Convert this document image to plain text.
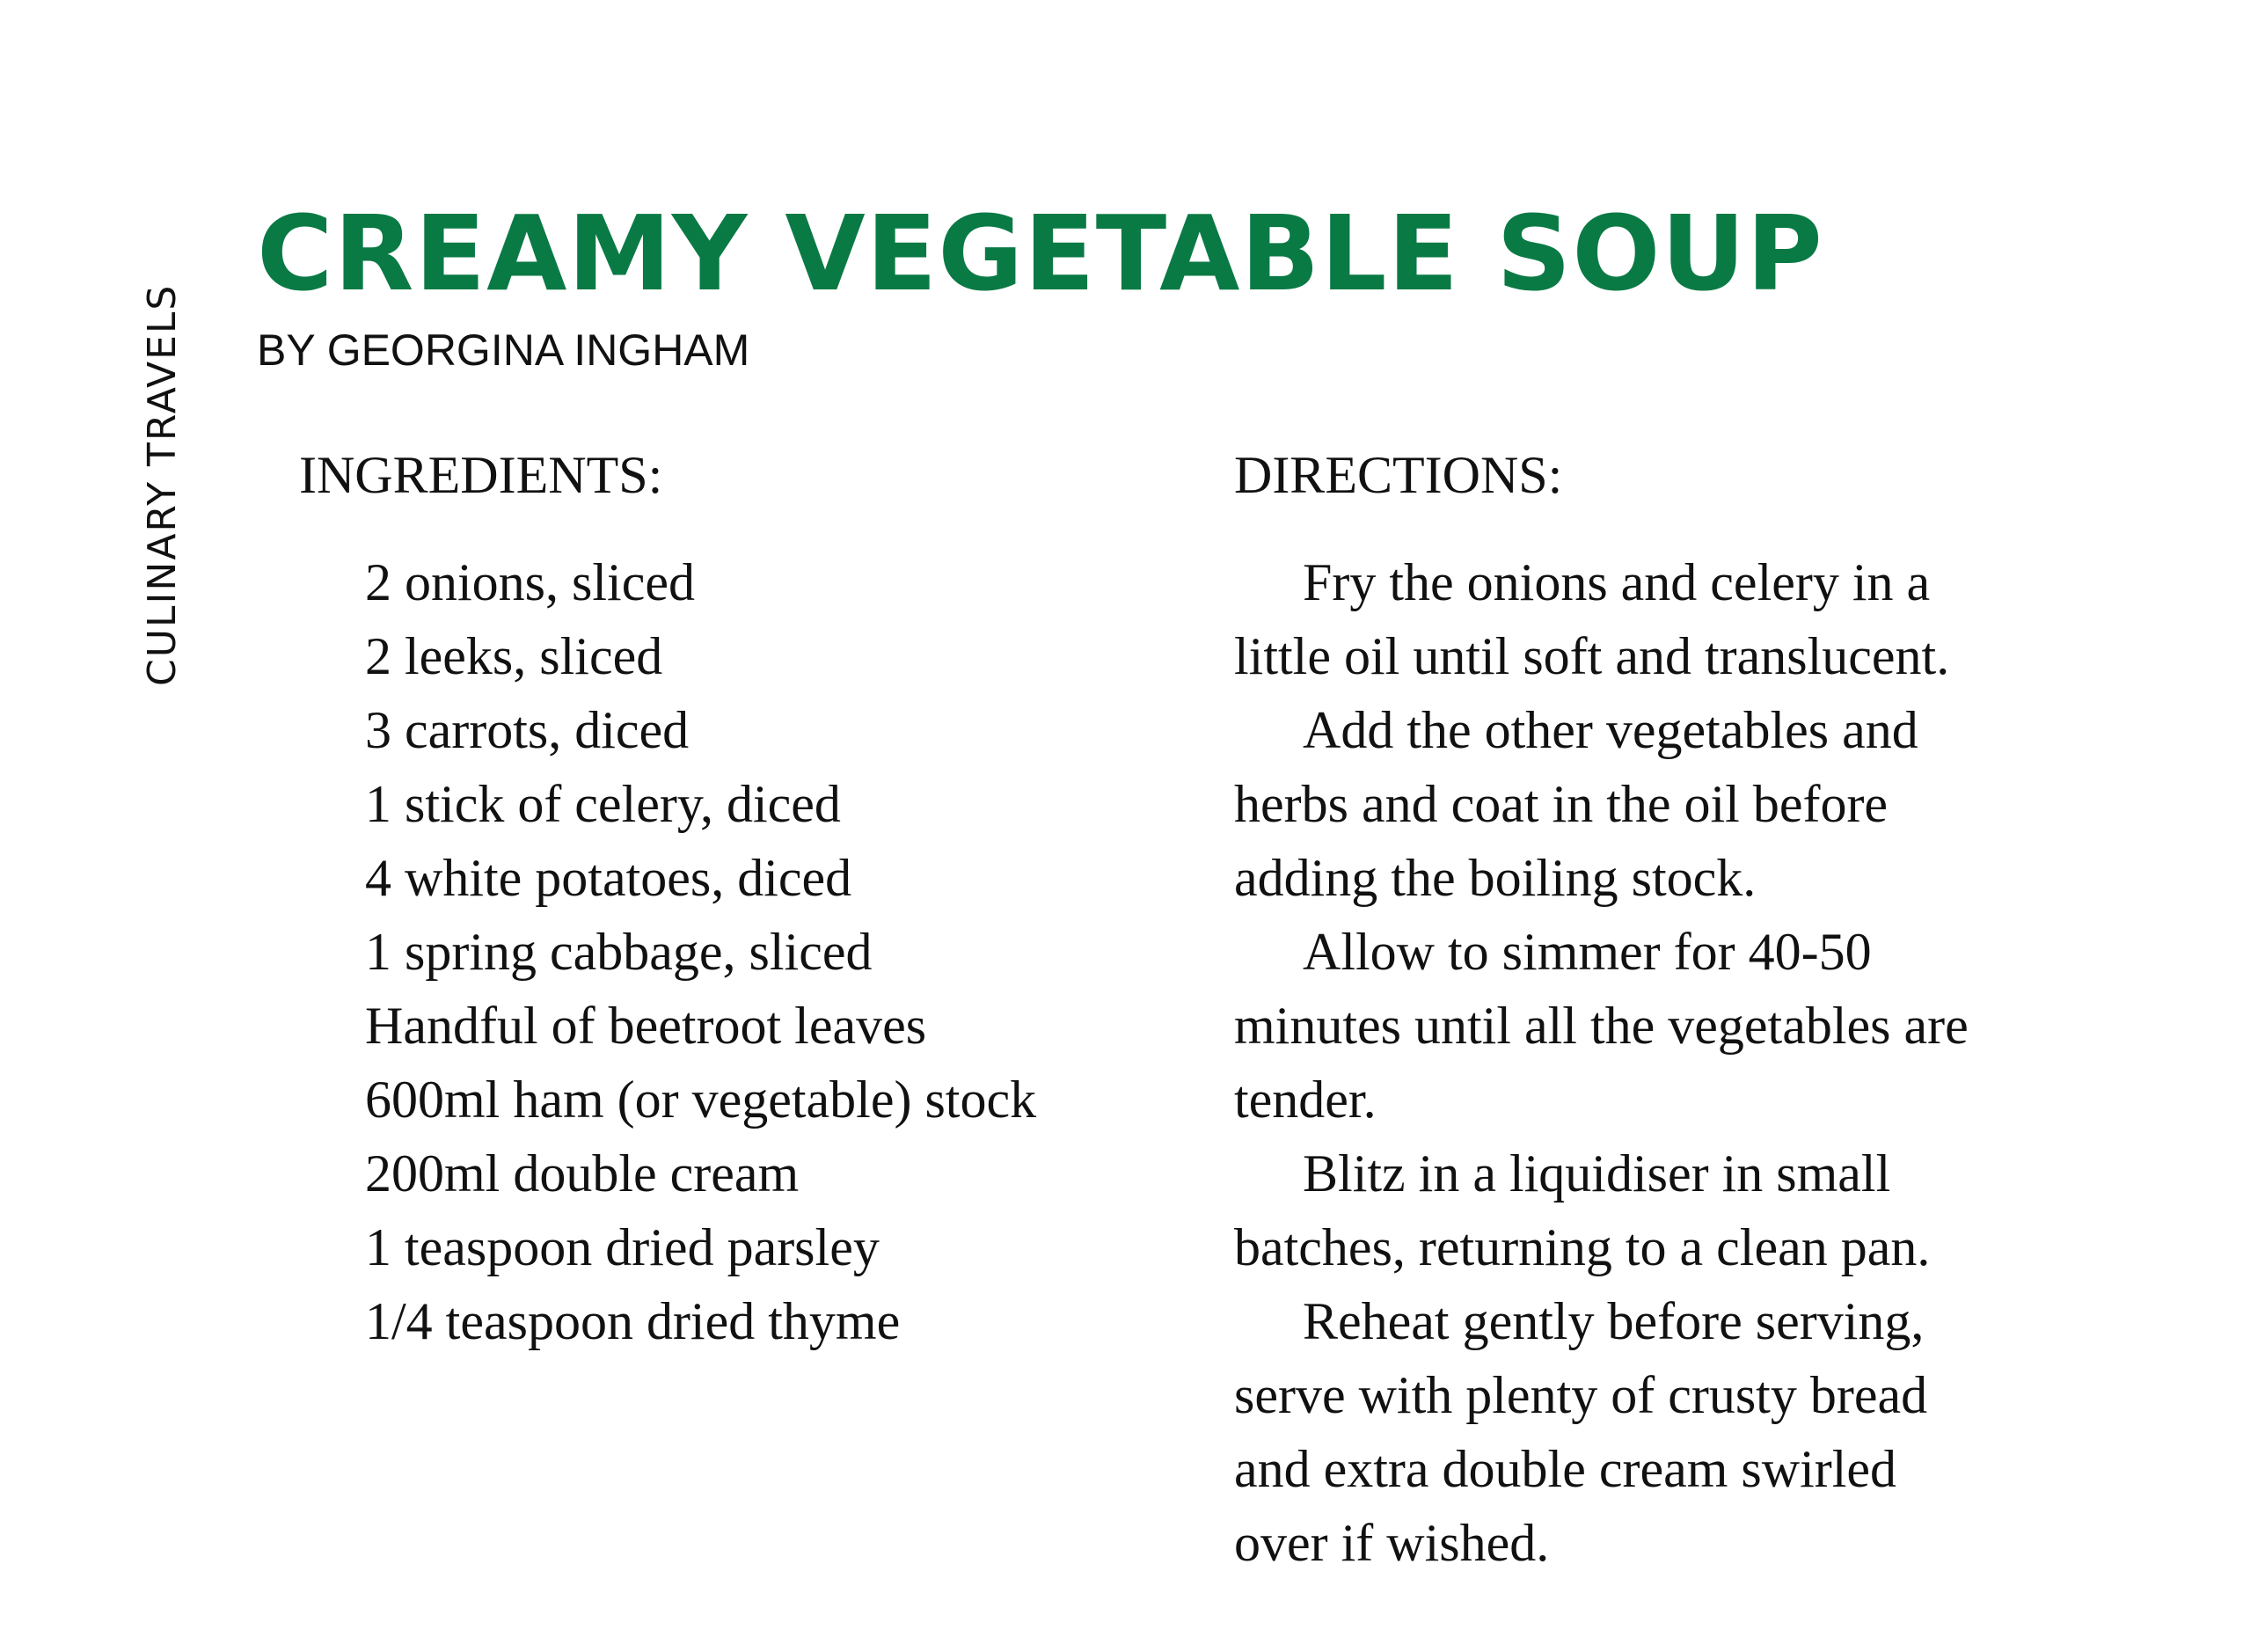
CULINARY TRAVELS
CREAMY VEGETABLE SOUP
BY GEORGINA INGHAM
INGREDIENTS:
2 onions, sliced
2 leeks, sliced
3 carrots, diced
1 stick of celery, diced
4 white potatoes, diced
1 spring cabbage, sliced
Handful of beetroot leaves
600ml ham (or vegetable) stock
200ml double cream
1 teaspoon dried parsley
1/4 teaspoon dried thyme
DIRECTIONS:

Fry the onions and celery in a
little oil until soft and translucent.

Add the other vegetables and
herbs and coat in the oil before
adding the boiling stock.

Allow to simmer for 40-50
minutes until all the vegetables are
tender.

Blitz in a liquidiser in small
batches, returning to a clean pan.

Reheat gently before serving,
serve with plenty of crusty bread
and extra double cream swirled
over if wished.
